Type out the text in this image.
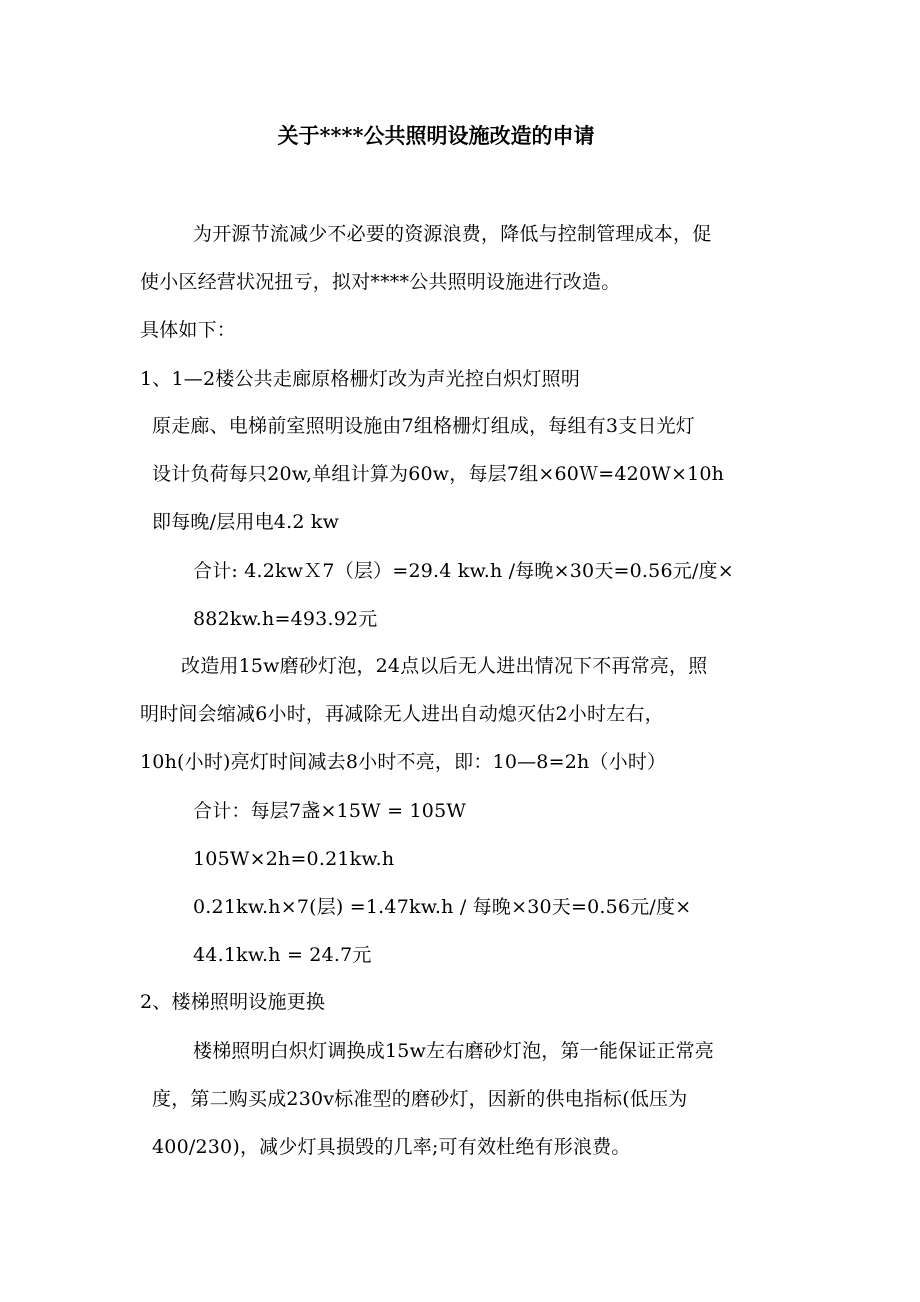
关于****公共照明设施改造的申请
为开源节流减少不必要的资源浪费，降低与控制管理成本，促
使小区经营状况扭亏，拟对****公共照明设施进行改造。
具体如下：
1、1—2楼公共走廊原格栅灯改为声光控白炽灯照明
原走廊、电梯前室照明设施由7组格栅灯组成，每组有3支日光灯
设计负荷每只20w,单组计算为60w，每层7组×60Ｗ=420W×10h
即每晚/层用电4.2 kw
合计: 4.2kwＸ7（层）=29.4 kw.h /每晚×30天=0.56元/度×
882kw.h=493.92元
改造用15w磨砂灯泡，24点以后无人进出情况下不再常亮，照
明时间会缩减6小时，再减除无人进出自动熄灭估2小时左右，
10h(小时)亮灯时间减去8小时不亮，即：10—8=2h（小时）
合计：每层7盏×15W = 105W
105W×2h=0.21kw.h
0.21kw.h×7(层) =1.47kw.h / 每晚×30天=0.56元/度×
44.1kw.h = 24.7元
2、楼梯照明设施更换
楼梯照明白炽灯调换成15w左右磨砂灯泡，第一能保证正常亮
度，第二购买成230v标准型的磨砂灯，因新的供电指标(低压为
400/230)，减少灯具损毁的几率;可有效杜绝有形浪费。
